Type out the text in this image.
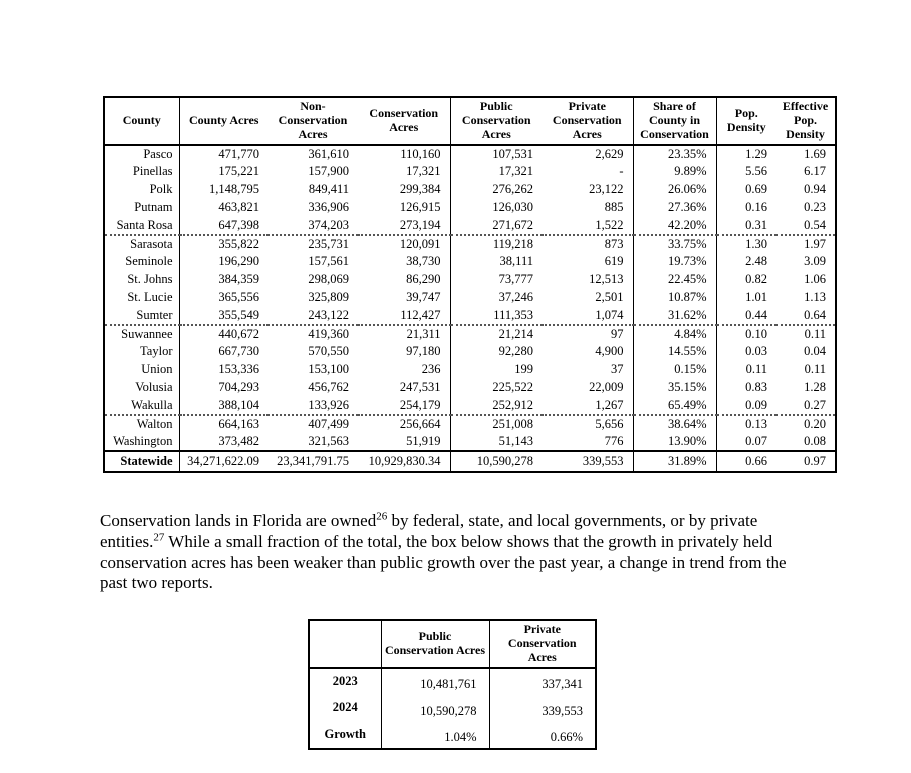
County	County Acres	Non-Conservation Acres	Conservation Acres	Public Conservation Acres	Private Conservation Acres	Share of County in Conservation	Pop. Density	Effective Pop. Density
Pasco	471,770	361,610	110,160	107,531	2,629	23.35%	1.29	1.69
Pinellas	175,221	157,900	17,321	17,321	-	9.89%	5.56	6.17
Polk	1,148,795	849,411	299,384	276,262	23,122	26.06%	0.69	0.94
Putnam	463,821	336,906	126,915	126,030	885	27.36%	0.16	0.23
Santa Rosa	647,398	374,203	273,194	271,672	1,522	42.20%	0.31	0.54
Sarasota	355,822	235,731	120,091	119,218	873	33.75%	1.30	1.97
Seminole	196,290	157,561	38,730	38,111	619	19.73%	2.48	3.09
St. Johns	384,359	298,069	86,290	73,777	12,513	22.45%	0.82	1.06
St. Lucie	365,556	325,809	39,747	37,246	2,501	10.87%	1.01	1.13
Sumter	355,549	243,122	112,427	111,353	1,074	31.62%	0.44	0.64
Suwannee	440,672	419,360	21,311	21,214	97	4.84%	0.10	0.11
Taylor	667,730	570,550	97,180	92,280	4,900	14.55%	0.03	0.04
Union	153,336	153,100	236	199	37	0.15%	0.11	0.11
Volusia	704,293	456,762	247,531	225,522	22,009	35.15%	0.83	1.28
Wakulla	388,104	133,926	254,179	252,912	1,267	65.49%	0.09	0.27
Walton	664,163	407,499	256,664	251,008	5,656	38.64%	0.13	0.20
Washington	373,482	321,563	51,919	51,143	776	13.90%	0.07	0.08
Statewide	34,271,622.09	23,341,791.75	10,929,830.34	10,590,278	339,553	31.89%	0.66	0.97

Conservation lands in Florida are owned$^{26}$ by federal, state, and local governments, or by private entities.$^{27}$ While a small fraction of the total, the box below shows that the growth in privately held conservation acres has been weaker than public growth over the past year, a change in trend from the past two reports.

	Public Conservation Acres	Private Conservation Acres
2023	10,481,761	337,341
2024	10,590,278	339,553
Growth	1.04%	0.66%
